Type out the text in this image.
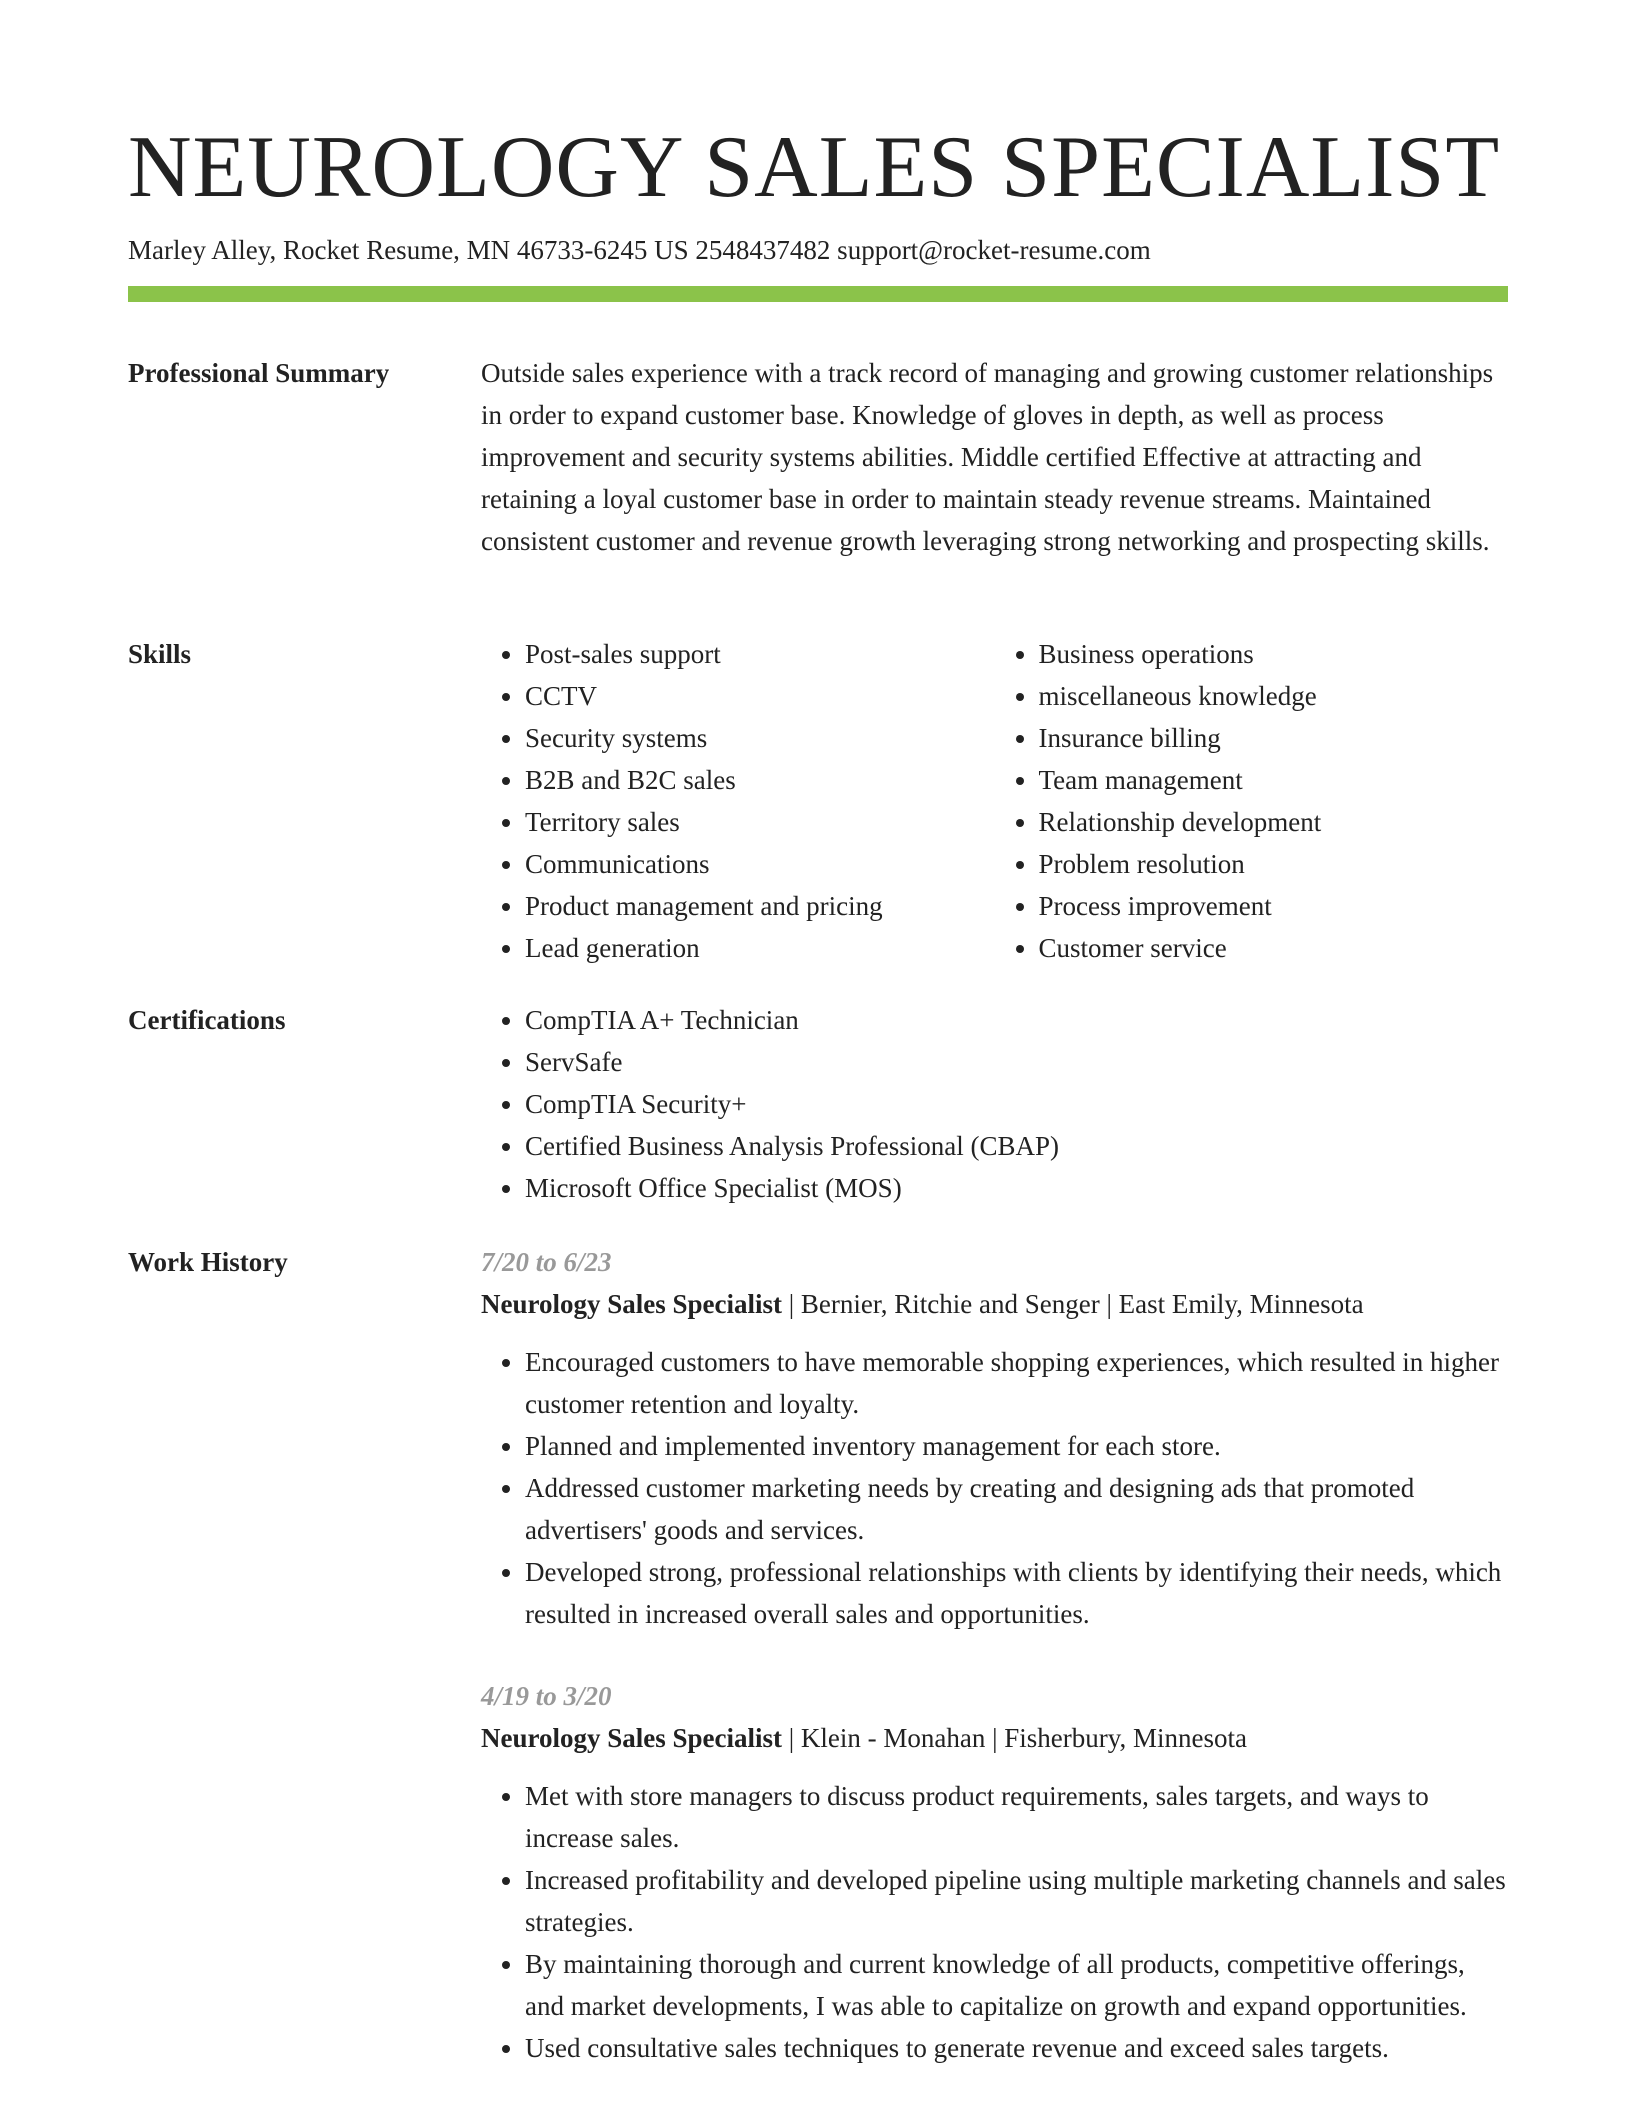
NEUROLOGY SALES SPECIALIST
Marley Alley, Rocket Resume, MN 46733-6245 US 2548437482 support@rocket-resume.com
Professional Summary	Outside sales experience with a track record of managing and growing customer relationships in order to expand customer base. Knowledge of gloves in depth, as well as process improvement and security systems abilities. Middle certified Effective at attracting and retaining a loyal customer base in order to maintain steady revenue streams. Maintained consistent customer and revenue growth leveraging strong networking and prospecting skills.

Skills	• Post-sales support
• CCTV
• Security systems
• B2B and B2C sales
• Territory sales
• Communications
• Product management and pricing
• Lead generation
• Business operations
• miscellaneous knowledge
• Insurance billing
• Team management
• Relationship development
• Problem resolution
• Process improvement
• Customer service
Certifications	• CompTIA A+ Technician
• ServSafe
• CompTIA Security+
• Certified Business Analysis Professional (CBAP)
• Microsoft Office Specialist (MOS)
Work History	7/20 to 6/23
Neurology Sales Specialist | Bernier, Ritchie and Senger | East Emily, Minnesota
• Encouraged customers to have memorable shopping experiences, which resulted in higher customer retention and loyalty.
• Planned and implemented inventory management for each store.
• Addressed customer marketing needs by creating and designing ads that promoted advertisers' goods and services.
• Developed strong, professional relationships with clients by identifying their needs, which resulted in increased overall sales and opportunities.
4/19 to 3/20
Neurology Sales Specialist | Klein - Monahan | Fisherbury, Minnesota
• Met with store managers to discuss product requirements, sales targets, and ways to increase sales.
• Increased profitability and developed pipeline using multiple marketing channels and sales strategies.
• By maintaining thorough and current knowledge of all products, competitive offerings, and market developments, I was able to capitalize on growth and expand opportunities.
• Used consultative sales techniques to generate revenue and exceed sales targets.
